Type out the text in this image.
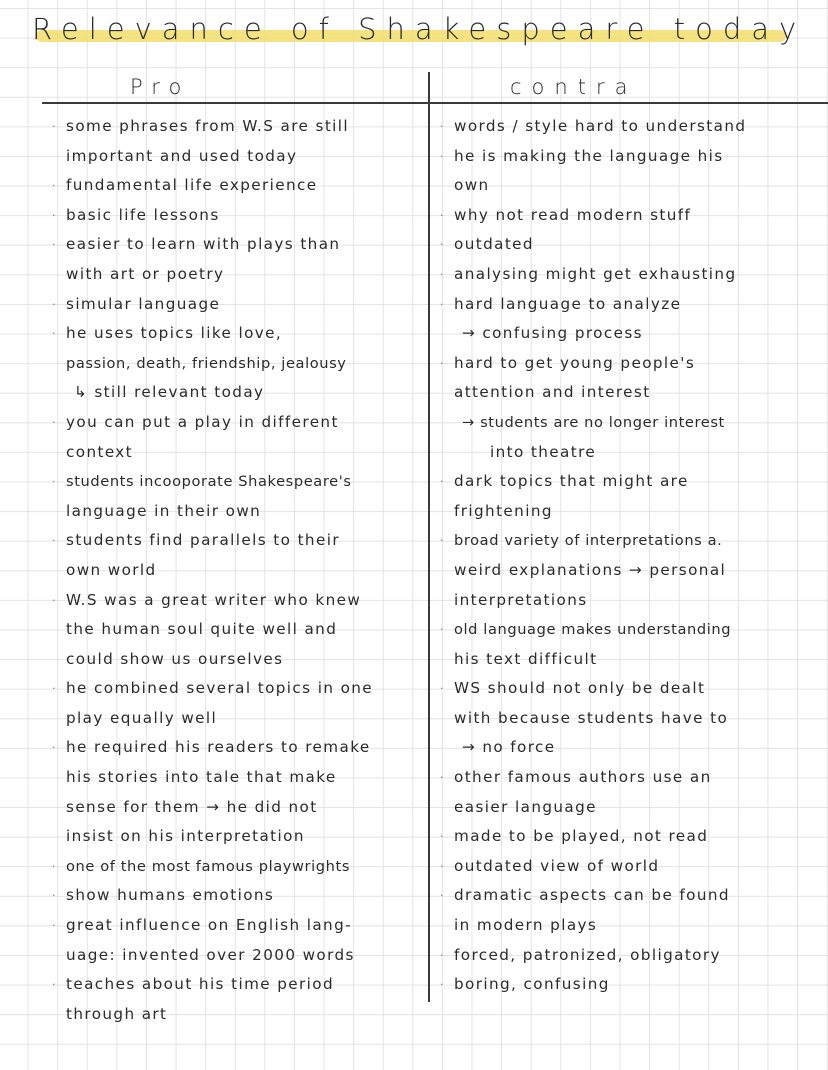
Relevance of Shakespeare today
Pro	contra
· some phrases from W.S are still
important and used today
· fundamental life experience
· basic life lessons
· easier to learn with plays than
with art or poetry
· simular language
· he uses topics like love,
passion, death, friendship, jealousy
↳ still relevant today
· you can put a play in different
context
· students incooporate Shakespeare's
language in their own
· students find parallels to their
own world
· W.S was a great writer who knew
the human soul quite well and
could show us ourselves
· he combined several topics in one
play equally well
· he required his readers to remake
his stories into tale that make
sense for them → he did not
insist on his interpretation
· one of the most famous playwrights
· show humans emotions
· great influence on English lang-
uage: invented over 2000 words
· teaches about his time period
through art
· words / style hard to understand
· he is making the language his
own
· why not read modern stuff
· outdated
· analysing might get exhausting
· hard language to analyze
→ confusing process
· hard to get young people's
attention and interest
→ students are no longer interest
into theatre
· dark topics that might are
frightening
· broad variety of interpretations a.
weird explanations → personal
interpretations
· old language makes understanding
his text difficult
· WS should not only be dealt
with because students have to
→ no force
· other famous authors use an
easier language
· made to be played, not read
· outdated view of world
· dramatic aspects can be found
in modern plays
· forced, patronized, obligatory
· boring, confusing
